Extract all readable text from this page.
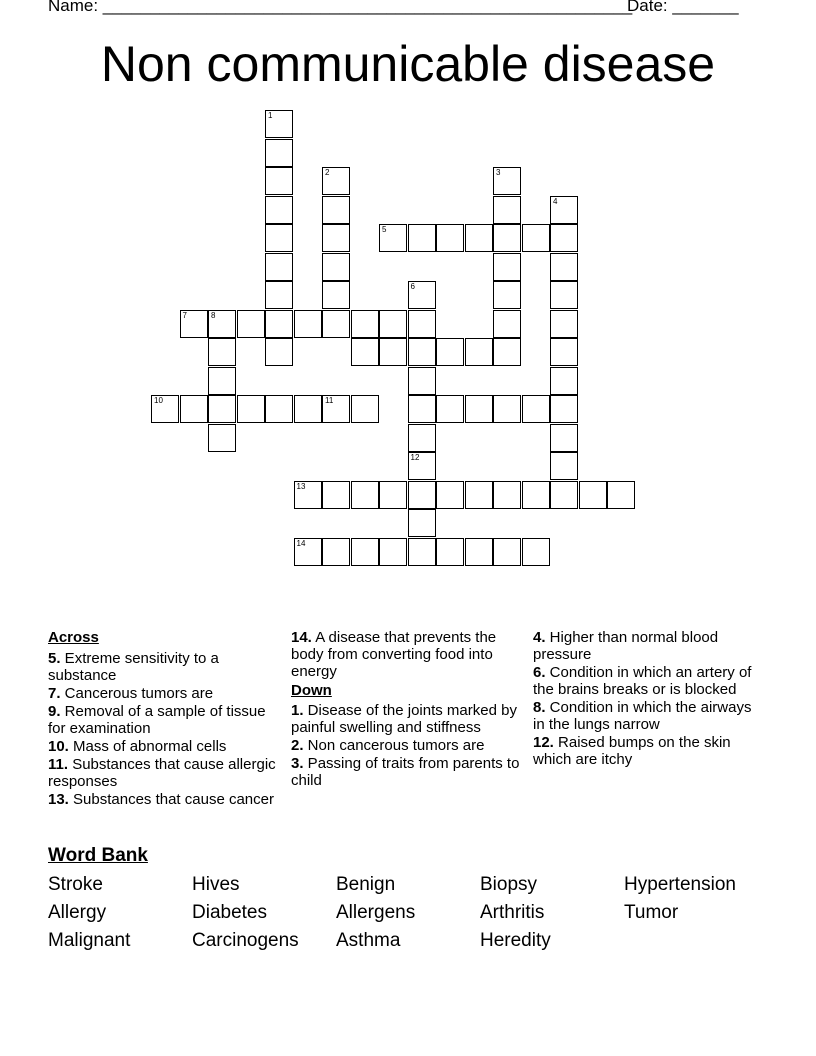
Name: ________________________________________________________
Date: _______
Non communicable disease
1
2	3
4
5
6
7	8
10	11
12
13
14
Across
5. Extreme sensitivity to a substance
7. Cancerous tumors are
9. Removal of a sample of tissue for examination
10. Mass of abnormal cells
11. Substances that cause allergic responses
13. Substances that cause cancer
14. A disease that prevents the body from converting food into energy
Down
1. Disease of the joints marked by painful swelling and stiffness
2. Non cancerous tumors are
3. Passing of traits from parents to child
4. Higher than normal blood pressure
6. Condition in which an artery of the brains breaks or is blocked
8. Condition in which the airways in the lungs narrow
12. Raised bumps on the skin which are itchy
Word Bank
Stroke	Hives	Benign	Biopsy	Hypertension
Allergy	Diabetes	Allergens	Arthritis	Tumor
Malignant	Carcinogens Asthma	Heredity
